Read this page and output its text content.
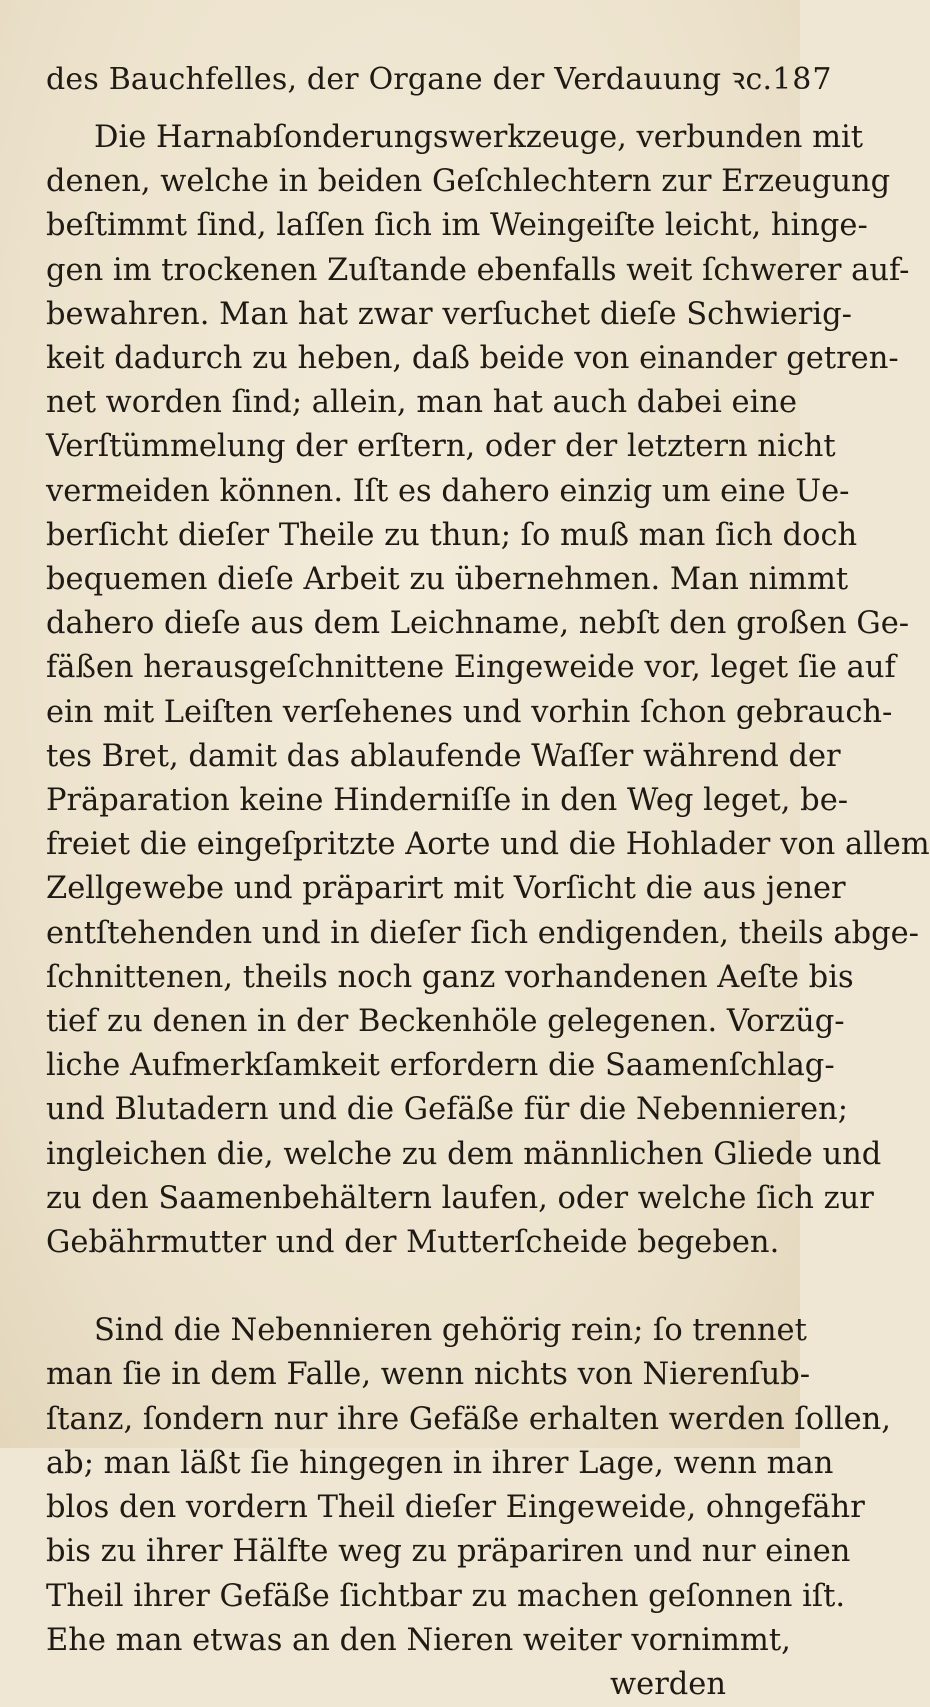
des Bauchfelles, der Organe der Verdauung ꝛc. 187

Die Harnabſonderungswerkzeuge, verbunden mit
denen, welche in beiden Geſchlechtern zur Erzeugung
beſtimmt ſind, laſſen ſich im Weingeiſte leicht, hinge-
gen im trockenen Zuſtande ebenfalls weit ſchwerer auf-
bewahren. Man hat zwar verſuchet dieſe Schwierig-
keit dadurch zu heben, daß beide von einander getren-
net worden ſind; allein, man hat auch dabei eine
Verſtümmelung der erſtern, oder der letztern nicht
vermeiden können. Iſt es dahero einzig um eine Ue-
berſicht dieſer Theile zu thun; ſo muß man ſich doch
bequemen dieſe Arbeit zu übernehmen. Man nimmt
dahero dieſe aus dem Leichname, nebſt den großen Ge-
fäßen herausgeſchnittene Eingeweide vor, leget ſie auf
ein mit Leiſten verſehenes und vorhin ſchon gebrauch-
tes Bret, damit das ablaufende Waſſer während der
Präparation keine Hinderniſſe in den Weg leget, be-
freiet die eingeſpritzte Aorte und die Hohlader von allem
Zellgewebe und präparirt mit Vorſicht die aus jener
entſtehenden und in dieſer ſich endigenden, theils abge-
ſchnittenen, theils noch ganz vorhandenen Aeſte bis
tief zu denen in der Beckenhöle gelegenen. Vorzüg-
liche Aufmerkſamkeit erfordern die Saamenſchlag-
und Blutadern und die Gefäße für die Nebennieren;
ingleichen die, welche zu dem männlichen Gliede und
zu den Saamenbehältern laufen, oder welche ſich zur
Gebährmutter und der Mutterſcheide begeben.

Sind die Nebennieren gehörig rein; ſo trennet
man ſie in dem Falle, wenn nichts von Nierenſub-
ſtanz, ſondern nur ihre Gefäße erhalten werden ſollen,
ab; man läßt ſie hingegen in ihrer Lage, wenn man
blos den vordern Theil dieſer Eingeweide, ohngefähr
bis zu ihrer Hälfte weg zu präpariren und nur einen
Theil ihrer Gefäße ſichtbar zu machen geſonnen iſt.
Ehe man etwas an den Nieren weiter vornimmt,

werden
